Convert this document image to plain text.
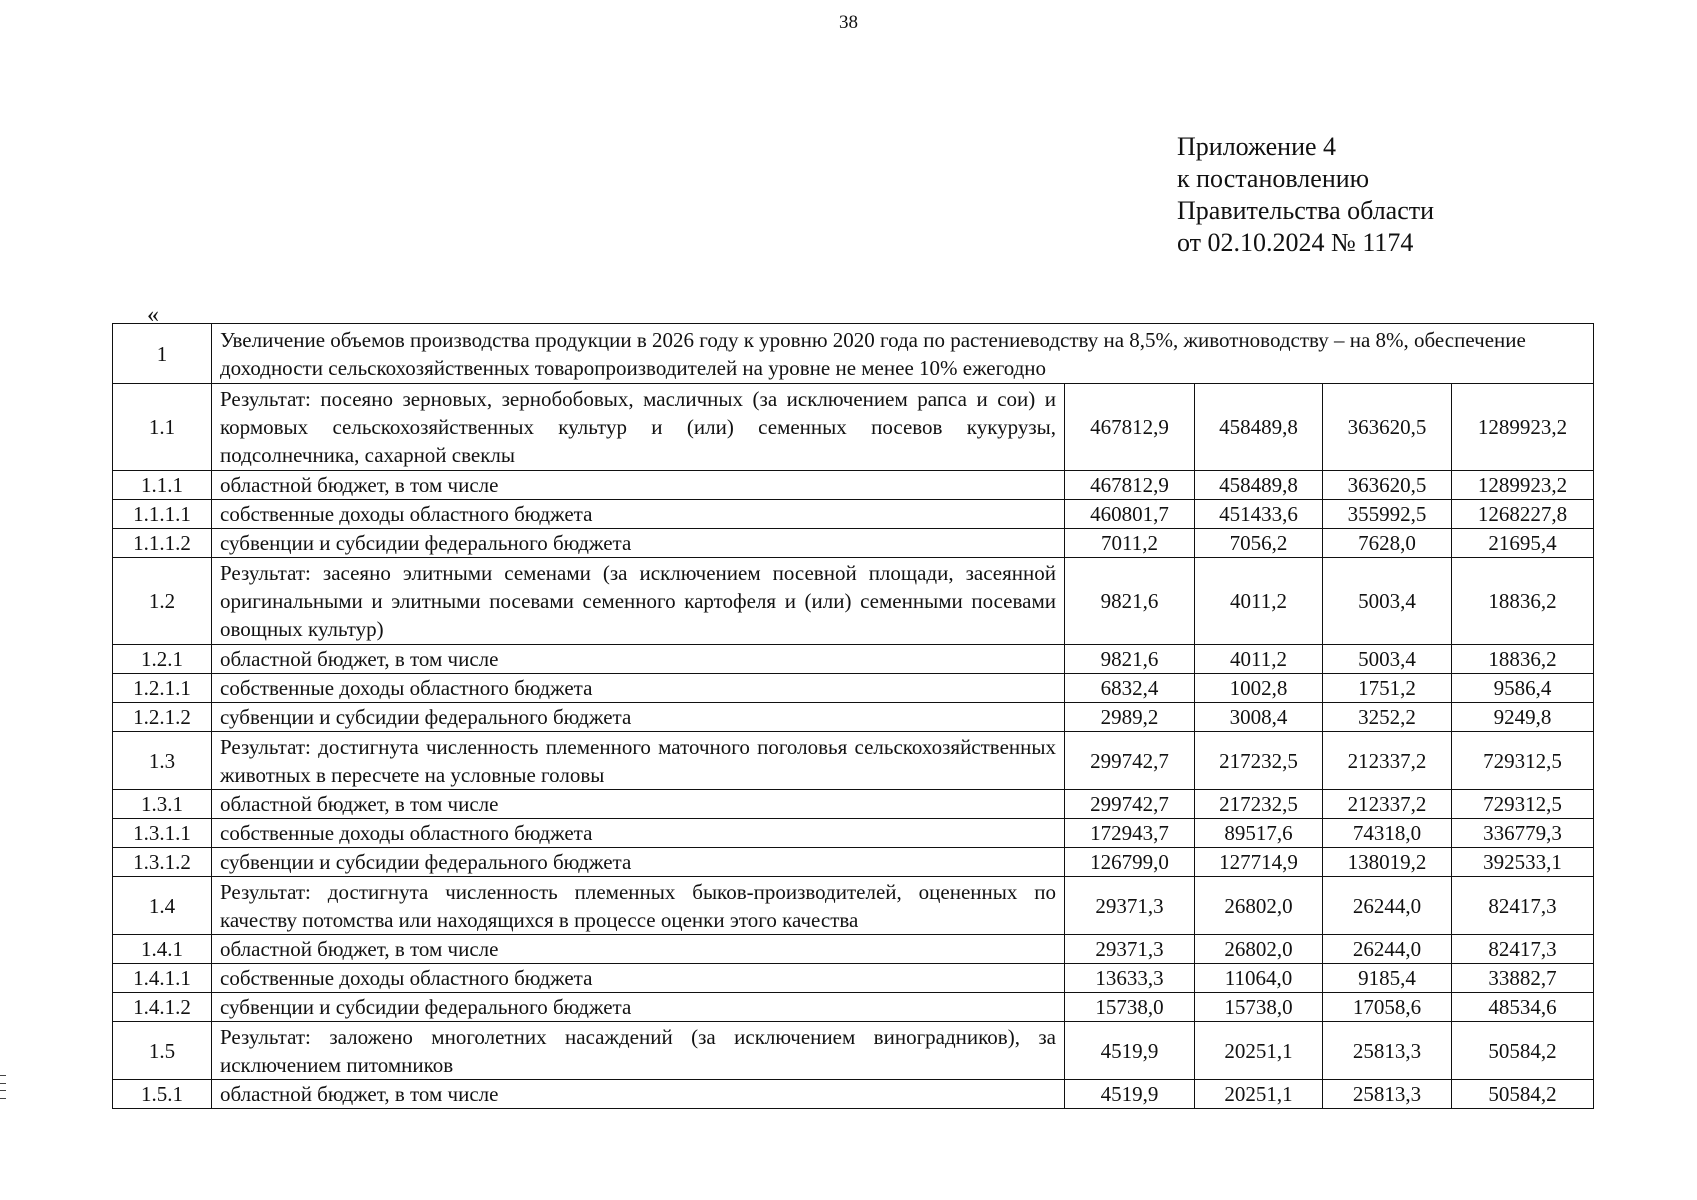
38
Приложение 4
к постановлению
Правительства области
от 02.10.2024 № 1174
«
1	Увеличение объемов производства продукции в 2026 году к уровню 2020 года по растениеводству на 8,5%, животноводству – на 8%, обеспечение доходности сельскохозяйственных товаропроизводителей на уровне не менее 10% ежегодно				
1.1	Результат: посеяно зерновых, зернобобовых, масличных (за исключением рапса и сои) и кормовых сельскохозяйственных культур и (или) семенных посевов кукурузы, подсолнечника, сахарной свеклы	467812,9	458489,8	363620,5	1289923,2
1.1.1	областной бюджет, в том числе	467812,9	458489,8	363620,5	1289923,2
1.1.1.1	собственные доходы областного бюджета	460801,7	451433,6	355992,5	1268227,8
1.1.1.2	субвенции и субсидии федерального бюджета	7011,2	7056,2	7628,0	21695,4
1.2	Результат: засеяно элитными семенами (за исключением посевной площади, засеянной оригинальными и элитными посевами семенного картофеля и (или) семенными посевами овощных культур)	9821,6	4011,2	5003,4	18836,2
1.2.1	областной бюджет, в том числе	9821,6	4011,2	5003,4	18836,2
1.2.1.1	собственные доходы областного бюджета	6832,4	1002,8	1751,2	9586,4
1.2.1.2	субвенции и субсидии федерального бюджета	2989,2	3008,4	3252,2	9249,8
1.3	Результат: достигнута численность племенного маточного поголовья сельскохозяйственных животных в пересчете на условные головы	299742,7	217232,5	212337,2	729312,5
1.3.1	областной бюджет, в том числе	299742,7	217232,5	212337,2	729312,5
1.3.1.1	собственные доходы областного бюджета	172943,7	89517,6	74318,0	336779,3
1.3.1.2	субвенции и субсидии федерального бюджета	126799,0	127714,9	138019,2	392533,1
1.4	Результат: достигнута численность племенных быков-производителей, оцененных по качеству потомства или находящихся в процессе оценки этого качества	29371,3	26802,0	26244,0	82417,3
1.4.1	областной бюджет, в том числе	29371,3	26802,0	26244,0	82417,3
1.4.1.1	собственные доходы областного бюджета	13633,3	11064,0	9185,4	33882,7
1.4.1.2	субвенции и субсидии федерального бюджета	15738,0	15738,0	17058,6	48534,6
1.5	Результат: заложено многолетних насаждений (за исключением виноградников), за исключением питомников	4519,9	20251,1	25813,3	50584,2
1.5.1	областной бюджет, в том числе	4519,9	20251,1	25813,3	50584,2
